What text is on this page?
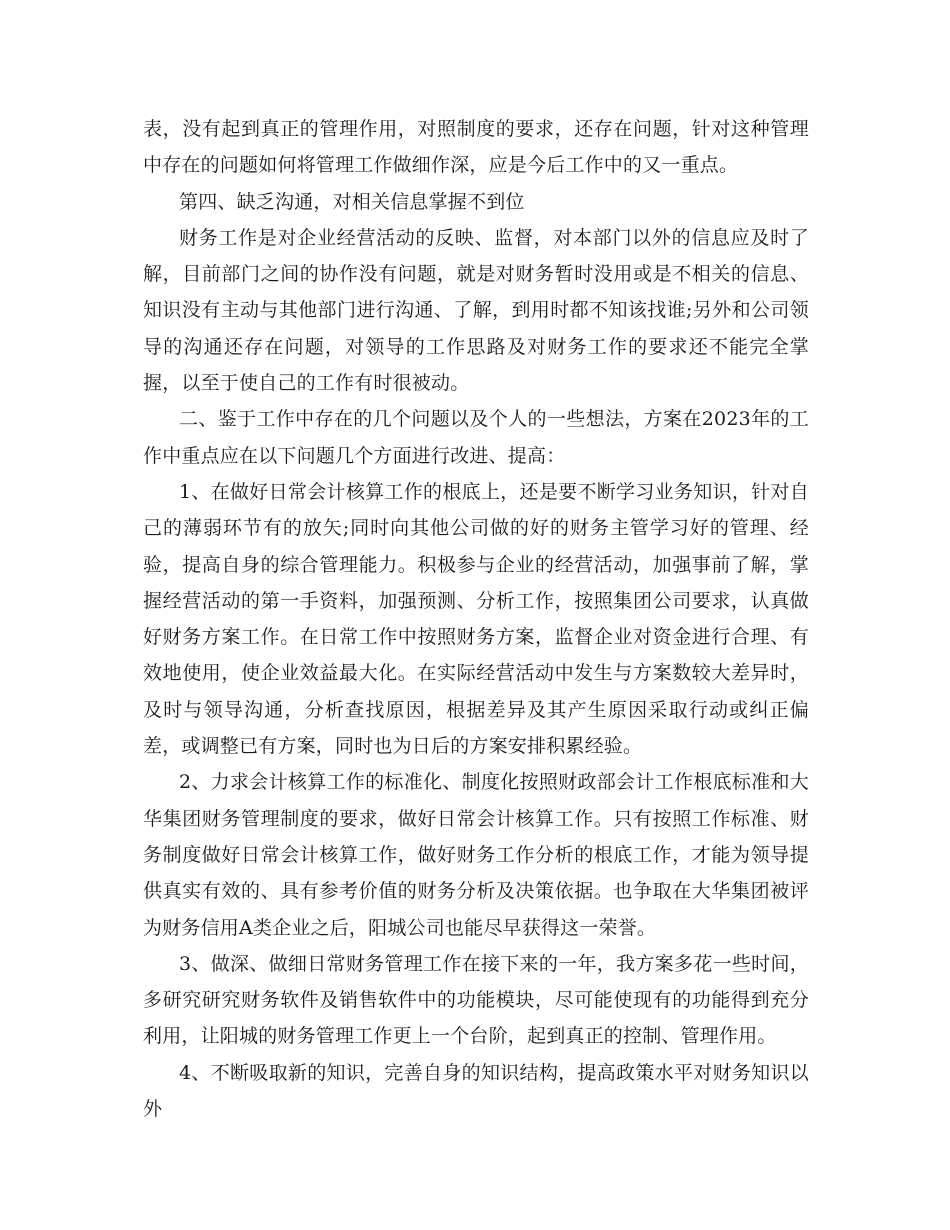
表，没有起到真正的管理作用，对照制度的要求，还存在问题，针对这种管理中存在的问题如何将管理工作做细作深，应是今后工作中的又一重点。

第四、缺乏沟通，对相关信息掌握不到位

财务工作是对企业经营活动的反映、监督，对本部门以外的信息应及时了解，目前部门之间的协作没有问题，就是对财务暂时没用或是不相关的信息、知识没有主动与其他部门进行沟通、了解，到用时都不知该找谁;另外和公司领导的沟通还存在问题，对领导的工作思路及对财务工作的要求还不能完全掌握，以至于使自己的工作有时很被动。

二、鉴于工作中存在的几个问题以及个人的一些想法，方案在2023年的工作中重点应在以下问题几个方面进行改进、提高：

1、在做好日常会计核算工作的根底上，还是要不断学习业务知识，针对自己的薄弱环节有的放矢;同时向其他公司做的好的财务主管学习好的管理、经验，提高自身的综合管理能力。积极参与企业的经营活动，加强事前了解，掌握经营活动的第一手资料，加强预测、分析工作，按照集团公司要求，认真做好财务方案工作。在日常工作中按照财务方案，监督企业对资金进行合理、有效地使用，使企业效益最大化。在实际经营活动中发生与方案数较大差异时，及时与领导沟通，分析查找原因，根据差异及其产生原因采取行动或纠正偏差，或调整已有方案，同时也为日后的方案安排积累经验。

2、力求会计核算工作的标准化、制度化按照财政部会计工作根底标准和大华集团财务管理制度的要求，做好日常会计核算工作。只有按照工作标准、财务制度做好日常会计核算工作，做好财务工作分析的根底工作，才能为领导提供真实有效的、具有参考价值的财务分析及决策依据。也争取在大华集团被评为财务信用A类企业之后，阳城公司也能尽早获得这一荣誉。

3、做深、做细日常财务管理工作在接下来的一年，我方案多花一些时间，多研究研究财务软件及销售软件中的功能模块，尽可能使现有的功能得到充分利用，让阳城的财务管理工作更上一个台阶，起到真正的控制、管理作用。

4、不断吸取新的知识，完善自身的知识结构，提高政策水平对财务知识以外
